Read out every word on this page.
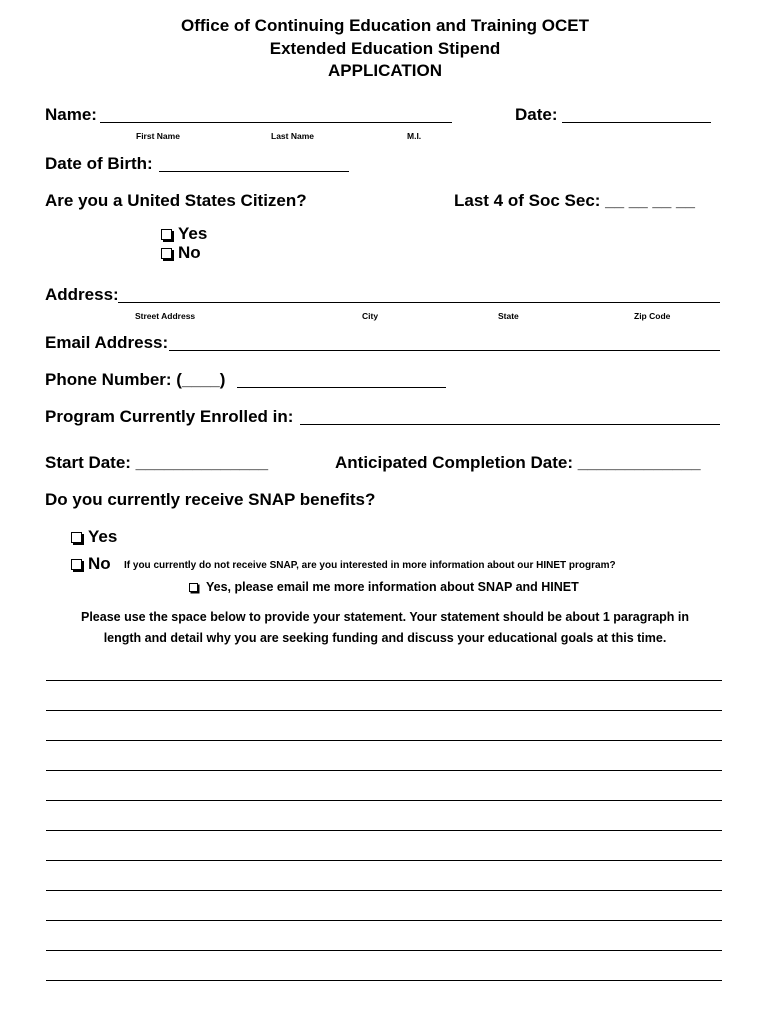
Office of Continuing Education and Training OCET
Extended Education Stipend
APPLICATION
Name:
First Name	Last Name	M.I.
Date:
Date of Birth:
Are you a United States Citizen?	Last 4 of Soc Sec: __ __ __ __
Yes
No
Address:
Street Address	City	State	Zip Code
Email Address:
Phone Number: (____)
Program Currently Enrolled in:
Start Date: ______________	Anticipated Completion Date: _____________
Do you currently receive SNAP benefits?
Yes
No If you currently do not receive SNAP, are you interested in more information about our HINET program?
Yes, please email me more information about SNAP and HINET
Please use the space below to provide your statement. Your statement should be about 1 paragraph in
length and detail why you are seeking funding and discuss your educational goals at this time.
